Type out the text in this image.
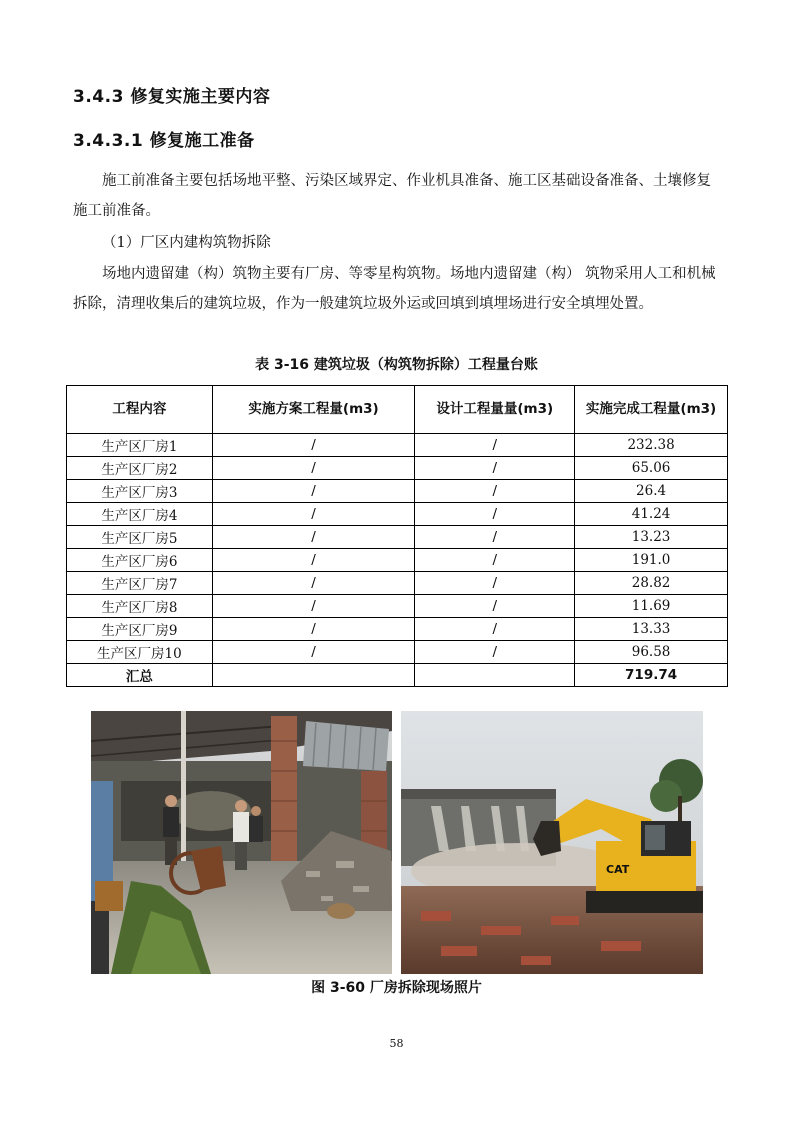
3.4.3 修复实施主要内容
3.4.3.1 修复施工准备

施工前准备主要包括场地平整、污染区域界定、作业机具准备、施工区基础设备准备、土壤修复施工前准备。

（1）厂区内建构筑物拆除

场地内遗留建（构）筑物主要有厂房、等零星构筑物。场地内遗留建（构） 筑物采用人工和机械拆除，清理收集后的建筑垃圾，作为一般建筑垃圾外运或回填到填埋场进行安全填埋处置。

表 3-16 建筑垃圾（构筑物拆除）工程量台账
工程内容	实施方案工程量(m3)	设计工程量量(m3)	实施完成工程量(m3)
生产区厂房1	/	/	232.38
生产区厂房2	/	/	65.06
生产区厂房3	/	/	26.4
生产区厂房4	/	/	41.24
生产区厂房5	/	/	13.23
生产区厂房6	/	/	191.0
生产区厂房7	/	/	28.82
生产区厂房8	/	/	11.69
生产区厂房9	/	/	13.33
生产区厂房10	/	/	96.58
汇总			719.74
CAT
图 3-60 厂房拆除现场照片
58
